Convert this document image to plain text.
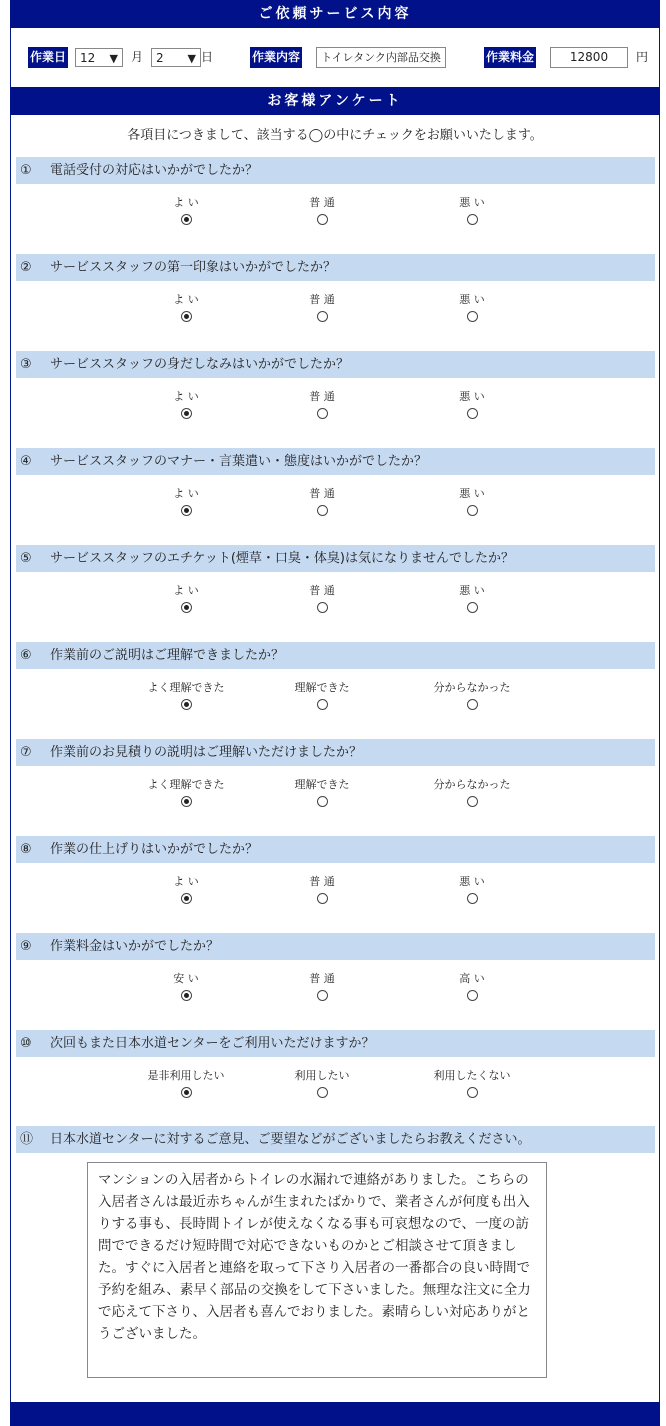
ご依頼サービス内容
作業日	12 ▼ 月	2 ▼ 日	作業内容	トイレタンク内部品交換	作業料金	12800	円
お客様アンケート
各項目につきまして、該当する◯の中にチェックをお願いいたします。
① 電話受付の対応はいかがでしたか？
よ い	普 通	悪 い
② サービススタッフの第一印象はいかがでしたか？
よ い	普 通	悪 い
③ サービススタッフの身だしなみはいかがでしたか？
よ い	普 通	悪 い
④ サービススタッフのマナー・言葉遣い・態度はいかがでしたか？
よ い	普 通	悪 い
⑤ サービススタッフのエチケット(煙草・口臭・体臭)は気になりませんでしたか？
よ い	普 通	悪 い
⑥ 作業前のご説明はご理解できましたか？
よく理解できた	理解できた	分からなかった
⑦ 作業前のお見積りの説明はご理解いただけましたか？
よく理解できた	理解できた	分からなかった
⑧ 作業の仕上げりはいかがでしたか？
よ い	普 通	悪 い
⑨ 作業料金はいかがでしたか？
安 い	普 通	高 い
⑩ 次回もまた日本水道センターをご利用いただけますか？
是非利用したい	利用したい	利用したくない
⑪ 日本水道センターに対するご意見、ご要望などがございましたらお教えください。
マンションの入居者からトイレの水漏れで連絡がありました。こちらの入居者さんは最近赤ちゃんが生まれたばかりで、業者さんが何度も出入りする事も、長時間トイレが使えなくなる事も可哀想なので、一度の訪問でできるだけ短時間で対応できないものかとご相談させて頂きました。すぐに入居者と連絡を取って下さり入居者の一番都合の良い時間で予約を組み、素早く部品の交換をして下さいました。無理な注文に全力で応えて下さり、入居者も喜んでおりました。素晴らしい対応ありがとうございました。
